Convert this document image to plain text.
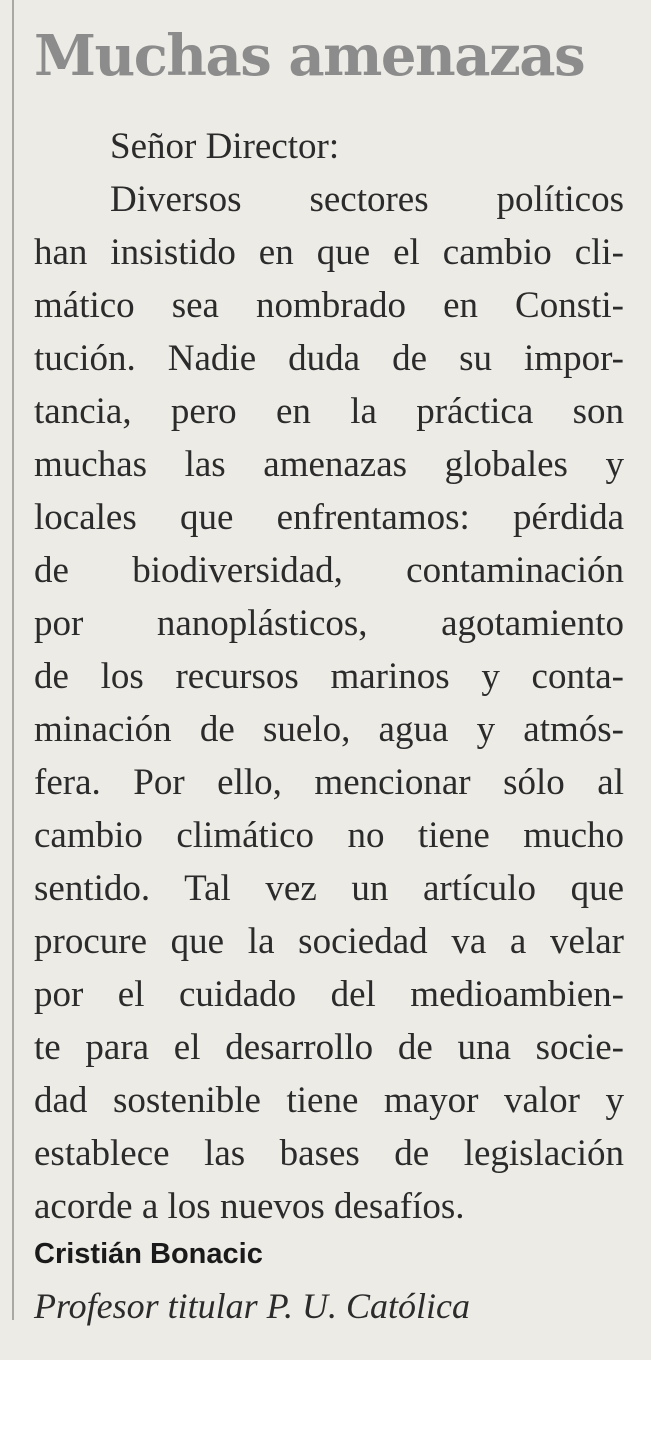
Muchas amenazas
Señor Director:
Diversos sectores políticos
han insistido en que el cambio cli-
mático sea nombrado en Consti-
tución. Nadie duda de su impor-
tancia, pero en la práctica son
muchas las amenazas globales y
locales que enfrentamos: pérdida
de biodiversidad, contaminación
por nanoplásticos, agotamiento
de los recursos marinos y conta-
minación de suelo, agua y atmós-
fera. Por ello, mencionar sólo al
cambio climático no tiene mucho
sentido. Tal vez un artículo que
procure que la sociedad va a velar
por el cuidado del medioambien-
te para el desarrollo de una socie-
dad sostenible tiene mayor valor y
establece las bases de legislación
acorde a los nuevos desafíos.

Cristián Bonacic

Profesor titular P. U. Católica
